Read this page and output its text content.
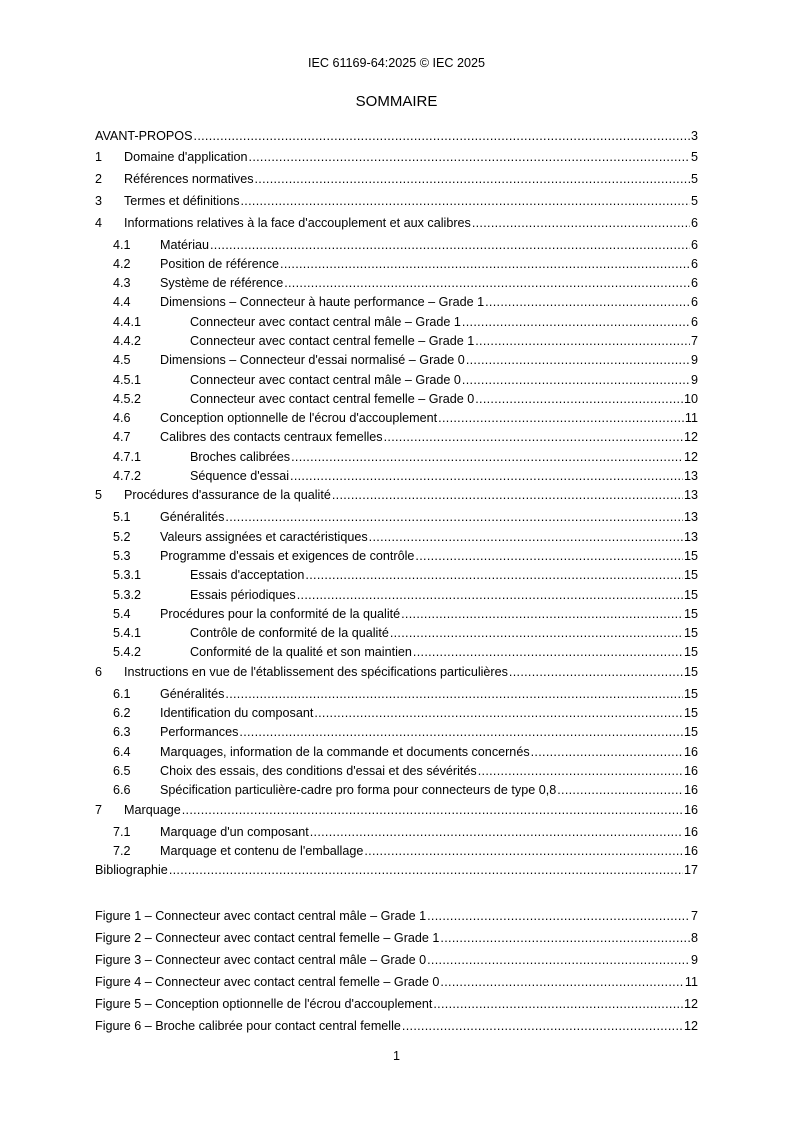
IEC 61169-64:2025 © IEC 2025
SOMMAIRE
AVANT-PROPOS .....	3
1	Domaine d'application .....	5
2	Références normatives .....	5
3	Termes et définitions .....	5
4	Informations relatives à la face d'accouplement et aux calibres .....	6
4.1	Matériau .....	6
4.2	Position de référence .....	6
4.3	Système de référence .....	6
4.4	Dimensions – Connecteur à haute performance – Grade 1 .....	6
4.4.1	Connecteur avec contact central mâle – Grade 1 .....	6
4.4.2	Connecteur avec contact central femelle – Grade 1 .....	7
4.5	Dimensions – Connecteur d'essai normalisé – Grade 0 .....	9
4.5.1	Connecteur avec contact central mâle – Grade 0 .....	9
4.5.2	Connecteur avec contact central femelle – Grade 0 .....	10
4.6	Conception optionnelle de l'écrou d'accouplement .....	11
4.7	Calibres des contacts centraux femelles .....	12
4.7.1	Broches calibrées .....	12
4.7.2	Séquence d'essai .....	13
5	Procédures d'assurance de la qualité .....	13
5.1	Généralités .....	13
5.2	Valeurs assignées et caractéristiques .....	13
5.3	Programme d'essais et exigences de contrôle .....	15
5.3.1	Essais d'acceptation .....	15
5.3.2	Essais périodiques .....	15
5.4	Procédures pour la conformité de la qualité .....	15
5.4.1	Contrôle de conformité de la qualité .....	15
5.4.2	Conformité de la qualité et son maintien .....	15
6	Instructions en vue de l'établissement des spécifications particulières .....	15
6.1	Généralités .....	15
6.2	Identification du composant .....	15
6.3	Performances .....	15
6.4	Marquages, information de la commande et documents concernés .....	16
6.5	Choix des essais, des conditions d'essai et des sévérités .....	16
6.6	Spécification particulière-cadre pro forma pour connecteurs de type 0,8 .....	16
7	Marquage .....	16
7.1	Marquage d'un composant .....	16
7.2	Marquage et contenu de l'emballage .....	16
Bibliographie .....	17
Figure 1 – Connecteur avec contact central mâle – Grade 1 .....	7
Figure 2 – Connecteur avec contact central femelle – Grade 1 .....	8
Figure 3 – Connecteur avec contact central mâle – Grade 0 .....	9
Figure 4 – Connecteur avec contact central femelle – Grade 0 .....	11
Figure 5 – Conception optionnelle de l'écrou d'accouplement .....	12
Figure 6 – Broche calibrée pour contact central femelle .....	12
1
